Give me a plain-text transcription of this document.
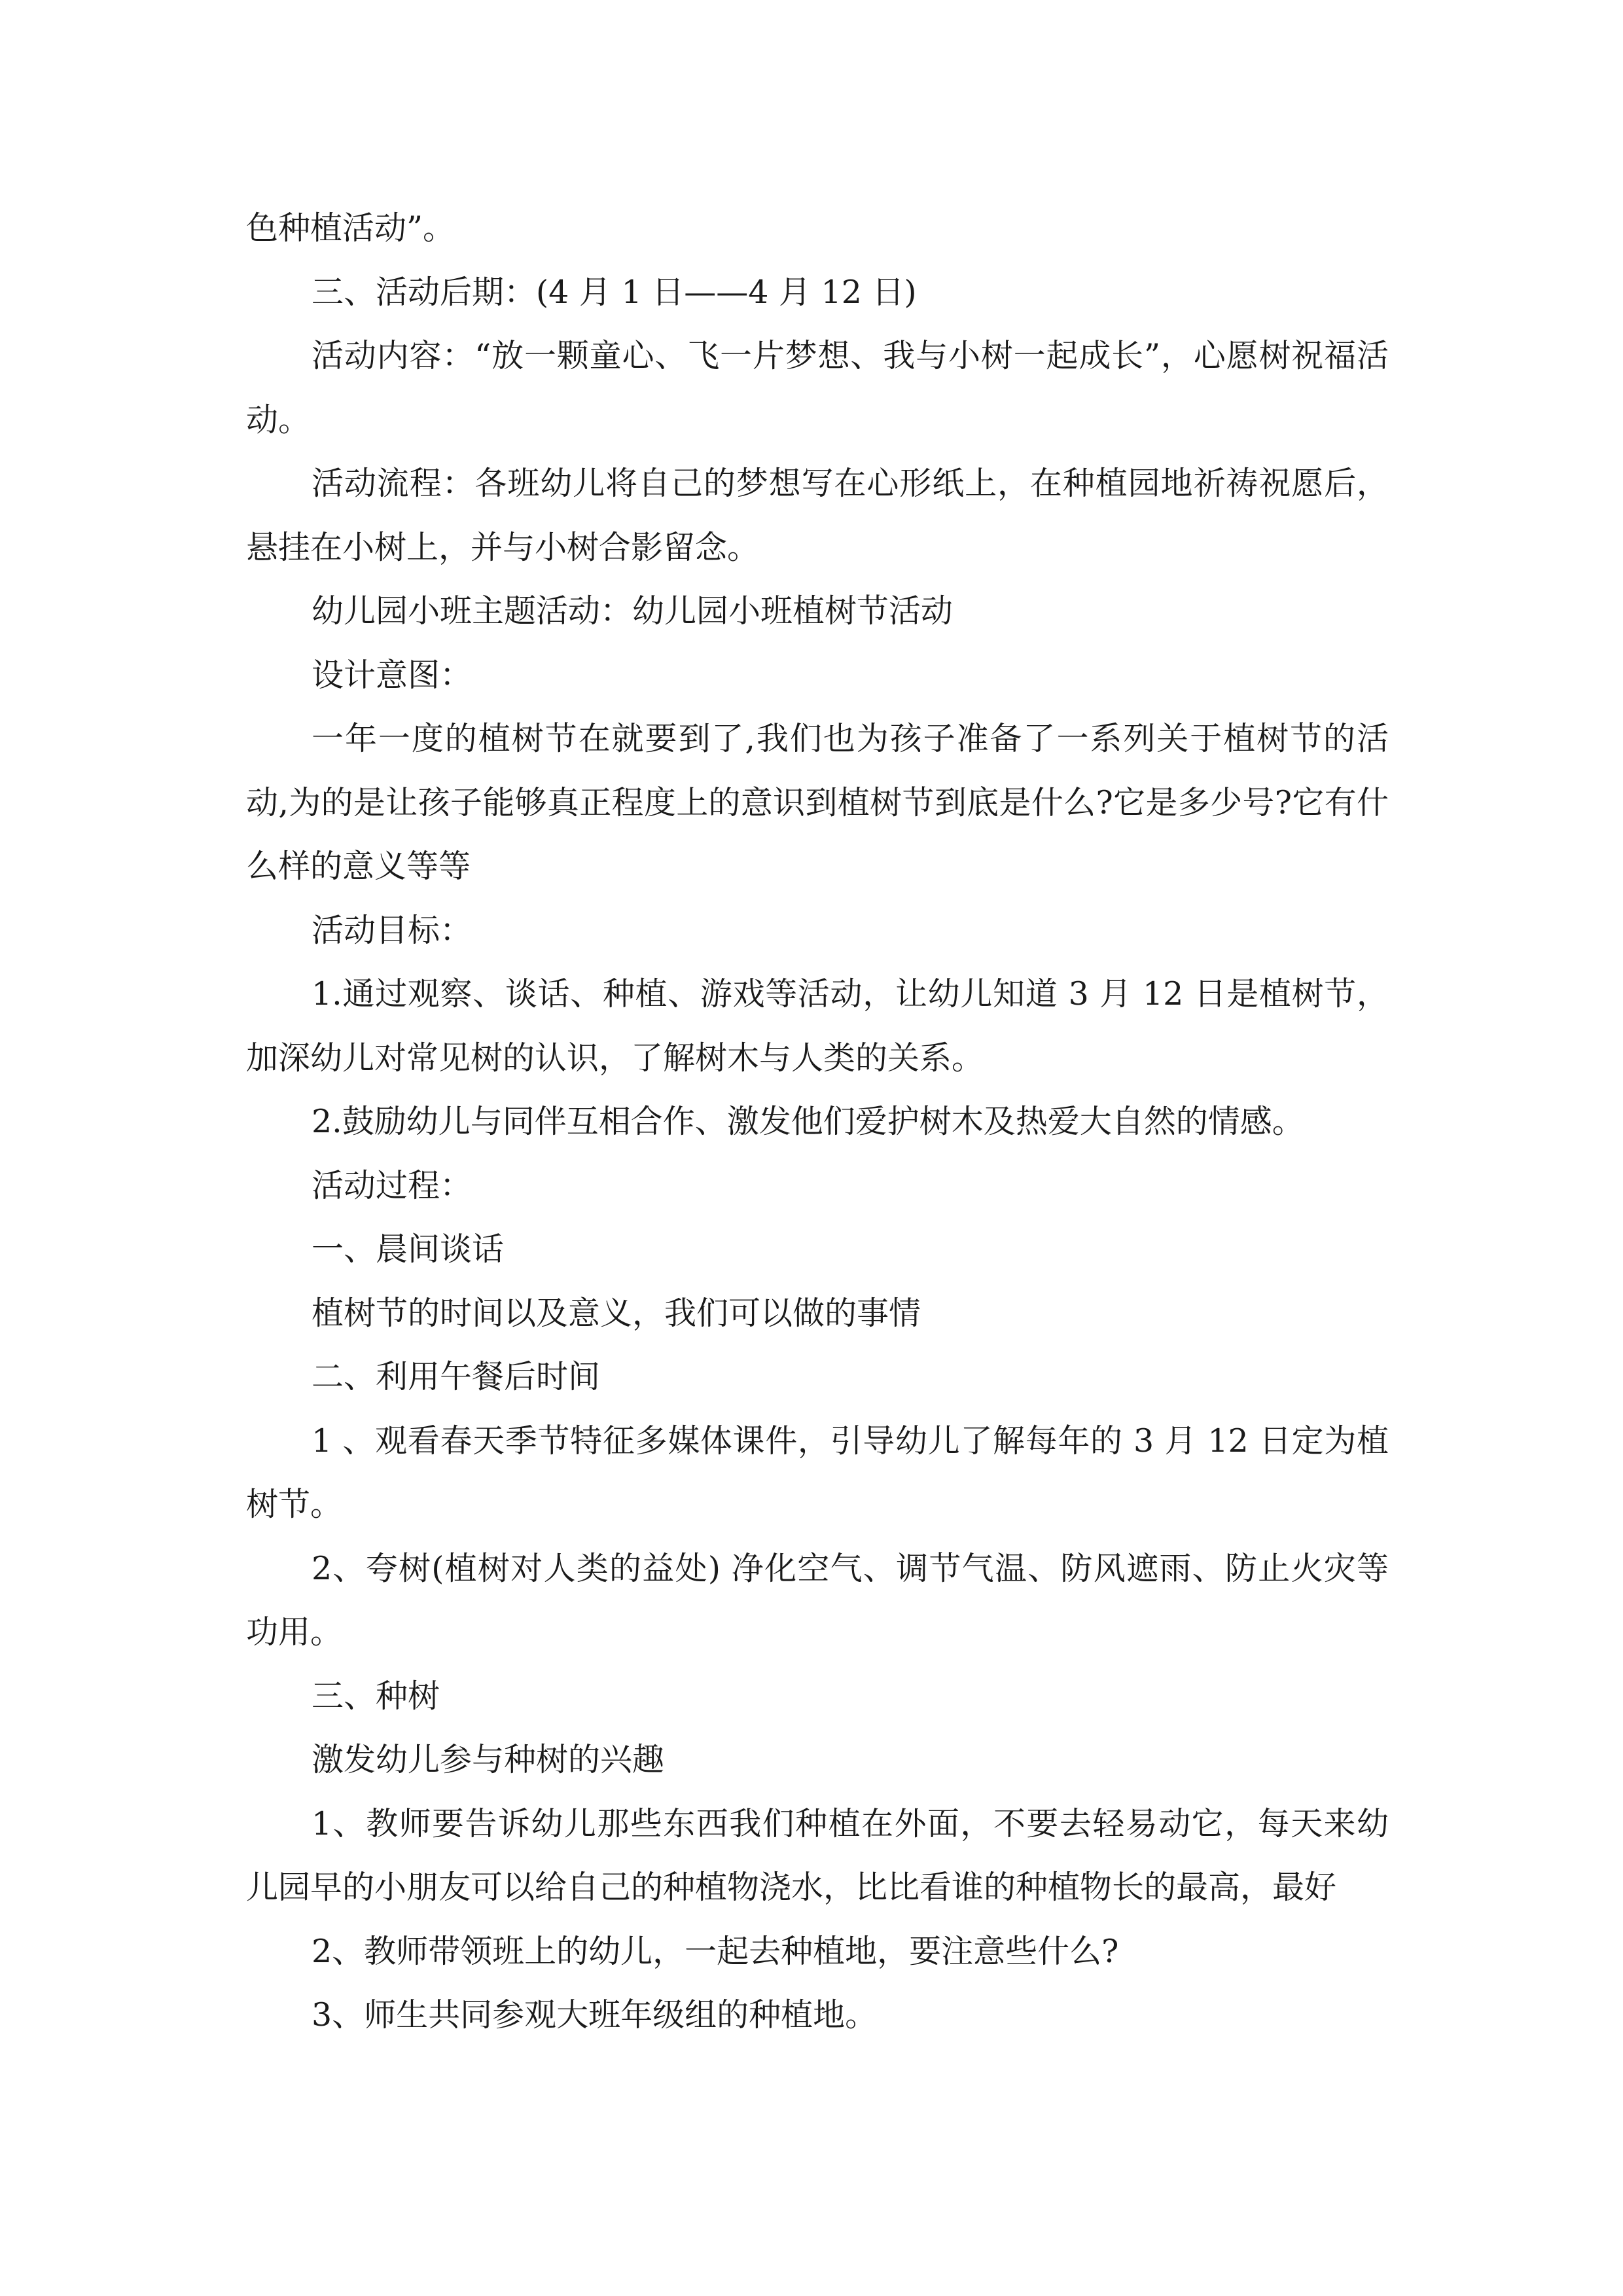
色种植活动”。

三、活动后期：(4 月 1 日——4 月 12 日)

活动内容：“放一颗童心、飞一片梦想、我与小树一起成长”，心愿树祝福活动。

活动流程：各班幼儿将自己的梦想写在心形纸上，在种植园地祈祷祝愿后，悬挂在小树上，并与小树合影留念。

幼儿园小班主题活动：幼儿园小班植树节活动

设计意图：

一年一度的植树节在就要到了,我们也为孩子准备了一系列关于植树节的活动,为的是让孩子能够真正程度上的意识到植树节到底是什么?它是多少号?它有什么样的意义等等

活动目标：

1.通过观察、谈话、种植、游戏等活动，让幼儿知道 3 月 12 日是植树节，加深幼儿对常见树的认识，了解树木与人类的关系。

2.鼓励幼儿与同伴互相合作、激发他们爱护树木及热爱大自然的情感。

活动过程：

一、晨间谈话

植树节的时间以及意义，我们可以做的事情

二、利用午餐后时间

1 、观看春天季节特征多媒体课件，引导幼儿了解每年的 3 月 12 日定为植树节。

2、夸树(植树对人类的益处) 净化空气、调节气温、防风遮雨、防止火灾等功用。

三、种树

激发幼儿参与种树的兴趣

1、教师要告诉幼儿那些东西我们种植在外面，不要去轻易动它，每天来幼儿园早的小朋友可以给自己的种植物浇水，比比看谁的种植物长的最高，最好

2、教师带领班上的幼儿，一起去种植地，要注意些什么?

3、师生共同参观大班年级组的种植地。
